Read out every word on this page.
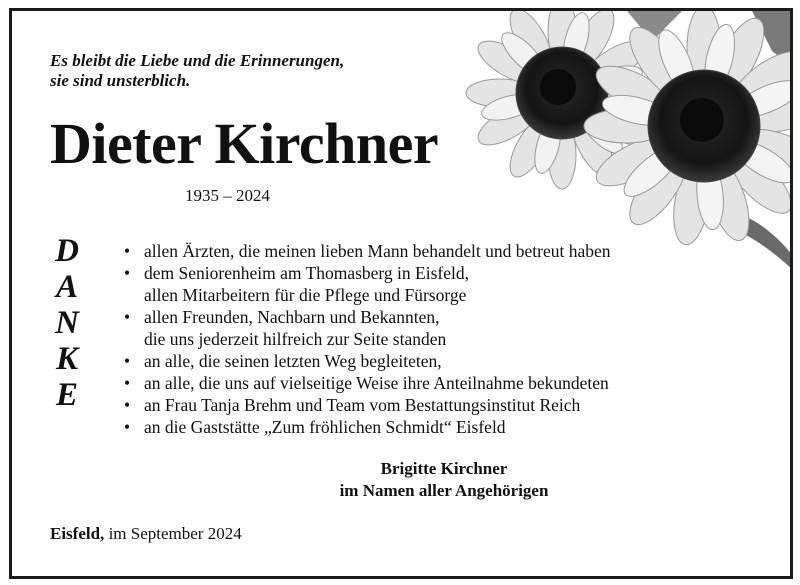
Es bleibt die Liebe und die Erinnerungen,
sie sind unsterblich.
Dieter Kirchner
1935 – 2024
D
A
N
K
E
• allen Ärzten, die meinen lieben Mann behandelt und betreut haben
• dem Seniorenheim am Thomasberg in Eisfeld,
allen Mitarbeitern für die Pflege und Fürsorge
• allen Freunden, Nachbarn und Bekannten,
die uns jederzeit hilfreich zur Seite standen
• an alle, die seinen letzten Weg begleiteten,
• an alle, die uns auf vielseitige Weise ihre Anteilnahme bekundeten
• an Frau Tanja Brehm und Team vom Bestattungsinstitut Reich
• an die Gaststätte „Zum fröhlichen Schmidt“ Eisfeld
Brigitte Kirchner
im Namen aller Angehörigen
Eisfeld, im September 2024
